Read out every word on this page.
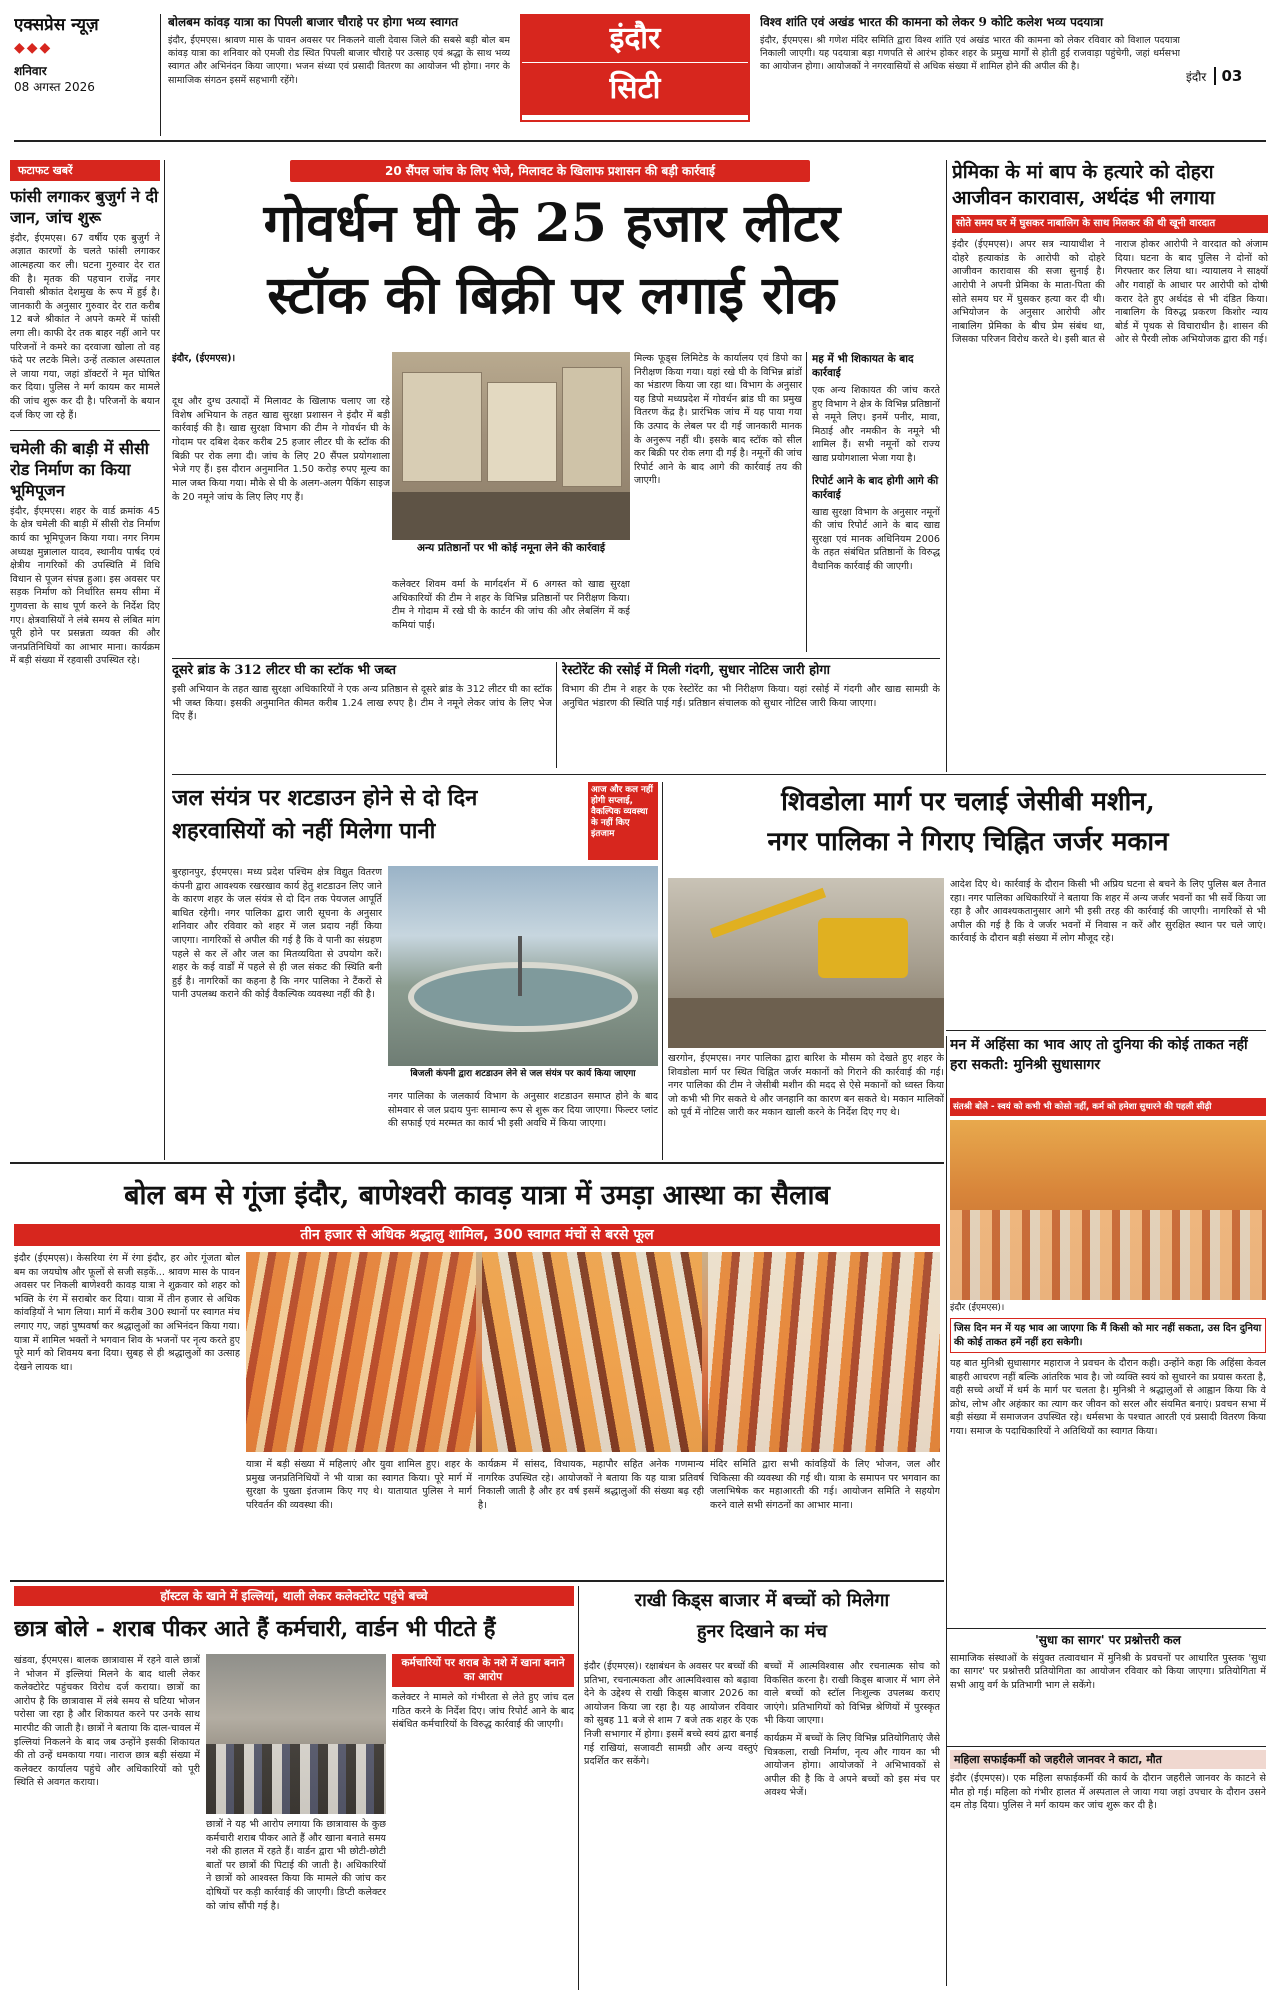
एक्सप्रेस न्यूज़
◆◆◆
शनिवार
08 अगस्त 2026
बोलबम कांवड़ यात्रा का पिपली बाजार चौराहे पर होगा भव्य स्वागत
इंदौर, ईएमएस। श्रावण मास के पावन अवसर पर निकलने वाली देवास जिले की सबसे बड़ी बोल बम कांवड़ यात्रा का शनिवार को एमजी रोड स्थित पिपली बाजार चौराहे पर उत्साह एवं श्रद्धा के साथ भव्य स्वागत और अभिनंदन किया जाएगा। भजन संध्या एवं प्रसादी वितरण का आयोजन भी होगा। नगर के सामाजिक संगठन इसमें सहभागी रहेंगे।
इंदौर
सिटी
विश्व शांति एवं अखंड भारत की कामना को लेकर 9 कोटि कलेश भव्य पदयात्रा
इंदौर, ईएमएस। श्री गणेश मंदिर समिति द्वारा विश्व शांति एवं अखंड भारत की कामना को लेकर रविवार को विशाल पदयात्रा निकाली जाएगी। यह पदयात्रा बड़ा गणपति से आरंभ होकर शहर के प्रमुख मार्गों से होती हुई राजवाड़ा पहुंचेगी, जहां धर्मसभा का आयोजन होगा। आयोजकों ने नगरवासियों से अधिक संख्या में शामिल होने की अपील की है।
इंदौर 03
फटाफट खबरें
फांसी लगाकर बुजुर्ग ने दी जान, जांच शुरू
इंदौर, ईएमएस। 67 वर्षीय एक बुजुर्ग ने अज्ञात कारणों के चलते फांसी लगाकर आत्महत्या कर ली। घटना गुरुवार देर रात की है। मृतक की पहचान राजेंद्र नगर निवासी श्रीकांत देशमुख के रूप में हुई है। जानकारी के अनुसार गुरुवार देर रात करीब 12 बजे श्रीकांत ने अपने कमरे में फांसी लगा ली। काफी देर तक बाहर नहीं आने पर परिजनों ने कमरे का दरवाजा खोला तो वह फंदे पर लटके मिले। उन्हें तत्काल अस्पताल ले जाया गया, जहां डॉक्टरों ने मृत घोषित कर दिया। पुलिस ने मर्ग कायम कर मामले की जांच शुरू कर दी है। परिजनों के बयान दर्ज किए जा रहे हैं।
चमेली की बाड़ी में सीसी रोड निर्माण का किया भूमिपूजन
इंदौर, ईएमएस। शहर के वार्ड क्रमांक 45 के क्षेत्र चमेली की बाड़ी में सीसी रोड निर्माण कार्य का भूमिपूजन किया गया। नगर निगम अध्यक्ष मुन्नालाल यादव, स्थानीय पार्षद एवं क्षेत्रीय नागरिकों की उपस्थिति में विधि विधान से पूजन संपन्न हुआ। इस अवसर पर सड़क निर्माण को निर्धारित समय सीमा में गुणवत्ता के साथ पूर्ण करने के निर्देश दिए गए। क्षेत्रवासियों ने लंबे समय से लंबित मांग पूरी होने पर प्रसन्नता व्यक्त की और जनप्रतिनिधियों का आभार माना। कार्यक्रम में बड़ी संख्या में रहवासी उपस्थित रहे।
20 सैंपल जांच के लिए भेजे, मिलावट के खिलाफ प्रशासन की बड़ी कार्रवाई
गोवर्धन घी के 25 हजार लीटर
स्टॉक की बिक्री पर लगाई रोक
इंदौर, (ईएमएस)।
दूध और दुग्ध उत्पादों में मिलावट के खिलाफ चलाए जा रहे विशेष अभियान के तहत खाद्य सुरक्षा प्रशासन ने इंदौर में बड़ी कार्रवाई की है। खाद्य सुरक्षा विभाग की टीम ने गोवर्धन घी के गोदाम पर दबिश देकर करीब 25 हजार लीटर घी के स्टॉक की बिक्री पर रोक लगा दी। जांच के लिए 20 सैंपल प्रयोगशाला भेजे गए हैं। इस दौरान अनुमानित 1.50 करोड़ रुपए मूल्य का माल जब्त किया गया। मौके से घी के अलग-अलग पैकिंग साइज के 20 नमूने जांच के लिए लिए गए हैं।
अन्य प्रतिष्ठानों पर भी कोई नमूना लेने की कार्रवाई
कलेक्टर शिवम वर्मा के मार्गदर्शन में 6 अगस्त को खाद्य सुरक्षा अधिकारियों की टीम ने शहर के विभिन्न प्रतिष्ठानों पर निरीक्षण किया। टीम ने गोदाम में रखे घी के कार्टन की जांच की और लेबलिंग में कई कमियां पाईं।
मिल्क फूड्स लिमिटेड के कार्यालय एवं डिपो का निरीक्षण किया गया। यहां रखे घी के विभिन्न ब्रांडों का भंडारण किया जा रहा था। विभाग के अनुसार यह डिपो मध्यप्रदेश में गोवर्धन ब्रांड घी का प्रमुख वितरण केंद्र है। प्रारंभिक जांच में यह पाया गया कि उत्पाद के लेबल पर दी गई जानकारी मानक के अनुरूप नहीं थी। इसके बाद स्टॉक को सील कर बिक्री पर रोक लगा दी गई है। नमूनों की जांच रिपोर्ट आने के बाद आगे की कार्रवाई तय की जाएगी।
मह में भी शिकायत के बाद कार्रवाई
एक अन्य शिकायत की जांच करते हुए विभाग ने क्षेत्र के विभिन्न प्रतिष्ठानों से नमूने लिए। इनमें पनीर, मावा, मिठाई और नमकीन के नमूने भी शामिल हैं। सभी नमूनों को राज्य खाद्य प्रयोगशाला भेजा गया है।
रिपोर्ट आने के बाद होगी आगे की कार्रवाई
खाद्य सुरक्षा विभाग के अनुसार नमूनों की जांच रिपोर्ट आने के बाद खाद्य सुरक्षा एवं मानक अधिनियम 2006 के तहत संबंधित प्रतिष्ठानों के विरुद्ध वैधानिक कार्रवाई की जाएगी।
दूसरे ब्रांड के 312 लीटर घी का स्टॉक भी जब्त
इसी अभियान के तहत खाद्य सुरक्षा अधिकारियों ने एक अन्य प्रतिष्ठान से दूसरे ब्रांड के 312 लीटर घी का स्टॉक भी जब्त किया। इसकी अनुमानित कीमत करीब 1.24 लाख रुपए है। टीम ने नमूने लेकर जांच के लिए भेज दिए हैं।
रेस्टोरेंट की रसोई में मिली गंदगी, सुधार नोटिस जारी होगा
विभाग की टीम ने शहर के एक रेस्टोरेंट का भी निरीक्षण किया। यहां रसोई में गंदगी और खाद्य सामग्री के अनुचित भंडारण की स्थिति पाई गई। प्रतिष्ठान संचालक को सुधार नोटिस जारी किया जाएगा।
प्रेमिका के मां बाप के हत्यारे को दोहरा आजीवन कारावास, अर्थदंड भी लगाया
सोते समय घर में घुसकर नाबालिग के साथ मिलकर की थी खूनी वारदात
इंदौर (ईएमएस)। अपर सत्र न्यायाधीश ने दोहरे हत्याकांड के आरोपी को दोहरे आजीवन कारावास की सजा सुनाई है। आरोपी ने अपनी प्रेमिका के माता-पिता की सोते समय घर में घुसकर हत्या कर दी थी। अभियोजन के अनुसार आरोपी और नाबालिग प्रेमिका के बीच प्रेम संबंध था, जिसका परिजन विरोध करते थे। इसी बात से नाराज होकर आरोपी ने वारदात को अंजाम दिया। घटना के बाद पुलिस ने दोनों को गिरफ्तार कर लिया था। न्यायालय ने साक्ष्यों और गवाहों के आधार पर आरोपी को दोषी करार देते हुए अर्थदंड से भी दंडित किया। नाबालिग के विरुद्ध प्रकरण किशोर न्याय बोर्ड में पृथक से विचाराधीन है। शासन की ओर से पैरवी लोक अभियोजक द्वारा की गई।
जल संयंत्र पर शटडाउन होने से दो दिन
शहरवासियों को नहीं मिलेगा पानी
आज और कल नहीं होगी सप्लाई, वैकल्पिक व्यवस्था के नहीं किए इंतजाम
बुरहानपुर, ईएमएस। मध्य प्रदेश पश्चिम क्षेत्र विद्युत वितरण कंपनी द्वारा आवश्यक रखरखाव कार्य हेतु शटडाउन लिए जाने के कारण शहर के जल संयंत्र से दो दिन तक पेयजल आपूर्ति बाधित रहेगी। नगर पालिका द्वारा जारी सूचना के अनुसार शनिवार और रविवार को शहर में जल प्रदाय नहीं किया जाएगा। नागरिकों से अपील की गई है कि वे पानी का संग्रहण पहले से कर लें और जल का मितव्ययिता से उपयोग करें। शहर के कई वार्डों में पहले से ही जल संकट की स्थिति बनी हुई है। नागरिकों का कहना है कि नगर पालिका ने टैंकरों से पानी उपलब्ध कराने की कोई वैकल्पिक व्यवस्था नहीं की है।
बिजली कंपनी द्वारा शटडाउन लेने से जल संयंत्र पर कार्य किया जाएगा
नगर पालिका के जलकार्य विभाग के अनुसार शटडाउन समाप्त होने के बाद सोमवार से जल प्रदाय पुनः सामान्य रूप से शुरू कर दिया जाएगा। फिल्टर प्लांट की सफाई एवं मरम्मत का कार्य भी इसी अवधि में किया जाएगा।
शिवडोला मार्ग पर चलाई जेसीबी मशीन,
नगर पालिका ने गिराए चिह्नित जर्जर मकान
खरगोन, ईएमएस। नगर पालिका द्वारा बारिश के मौसम को देखते हुए शहर के शिवडोला मार्ग पर स्थित चिह्नित जर्जर मकानों को गिराने की कार्रवाई की गई। नगर पालिका की टीम ने जेसीबी मशीन की मदद से ऐसे मकानों को ध्वस्त किया जो कभी भी गिर सकते थे और जनहानि का कारण बन सकते थे। मकान मालिकों को पूर्व में नोटिस जारी कर मकान खाली करने के निर्देश दिए गए थे।
आदेश दिए थे। कार्रवाई के दौरान किसी भी अप्रिय घटना से बचने के लिए पुलिस बल तैनात रहा। नगर पालिका अधिकारियों ने बताया कि शहर में अन्य जर्जर भवनों का भी सर्वे किया जा रहा है और आवश्यकतानुसार आगे भी इसी तरह की कार्रवाई की जाएगी। नागरिकों से भी अपील की गई है कि वे जर्जर भवनों में निवास न करें और सुरक्षित स्थान पर चले जाएं। कार्रवाई के दौरान बड़ी संख्या में लोग मौजूद रहे।
मन में अहिंसा का भाव आए तो दुनिया की कोई ताकत नहीं हरा सकती: मुनिश्री सुधासागर
संतश्री बोले - स्वयं को कभी भी कोसो नहीं, कर्म को हमेशा सुधारने की पहली सीढ़ी
इंदौर (ईएमएस)।
जिस दिन मन में यह भाव आ जाएगा कि मैं किसी को मार नहीं सकता, उस दिन दुनिया की कोई ताकत हमें नहीं हरा सकेगी।
यह बात मुनिश्री सुधासागर महाराज ने प्रवचन के दौरान कही। उन्होंने कहा कि अहिंसा केवल बाहरी आचरण नहीं बल्कि आंतरिक भाव है। जो व्यक्ति स्वयं को सुधारने का प्रयास करता है, वही सच्चे अर्थों में धर्म के मार्ग पर चलता है। मुनिश्री ने श्रद्धालुओं से आह्वान किया कि वे क्रोध, लोभ और अहंकार का त्याग कर जीवन को सरल और संयमित बनाएं। प्रवचन सभा में बड़ी संख्या में समाजजन उपस्थित रहे। धर्मसभा के पश्चात आरती एवं प्रसादी वितरण किया गया। समाज के पदाधिकारियों ने अतिथियों का स्वागत किया।
'सुधा का सागर' पर प्रश्नोत्तरी कल
सामाजिक संस्थाओं के संयुक्त तत्वावधान में मुनिश्री के प्रवचनों पर आधारित पुस्तक 'सुधा का सागर' पर प्रश्नोत्तरी प्रतियोगिता का आयोजन रविवार को किया जाएगा। प्रतियोगिता में सभी आयु वर्ग के प्रतिभागी भाग ले सकेंगे।
महिला सफाईकर्मी को जहरीले जानवर ने काटा, मौत
इंदौर (ईएमएस)। एक महिला सफाईकर्मी की कार्य के दौरान जहरीले जानवर के काटने से मौत हो गई। महिला को गंभीर हालत में अस्पताल ले जाया गया जहां उपचार के दौरान उसने दम तोड़ दिया। पुलिस ने मर्ग कायम कर जांच शुरू कर दी है।
बोल बम से गूंजा इंदौर, बाणेश्वरी कावड़ यात्रा में उमड़ा आस्था का सैलाब
तीन हजार से अधिक श्रद्धालु शामिल, 300 स्वागत मंचों से बरसे फूल
इंदौर (ईएमएस)। केसरिया रंग में रंगा इंदौर, हर ओर गूंजता बोल बम का जयघोष और फूलों से सजी सड़कें... श्रावण मास के पावन अवसर पर निकली बाणेश्वरी कावड़ यात्रा ने शुक्रवार को शहर को भक्ति के रंग में सराबोर कर दिया। यात्रा में तीन हजार से अधिक कांवड़ियों ने भाग लिया। मार्ग में करीब 300 स्थानों पर स्वागत मंच लगाए गए, जहां पुष्पवर्षा कर श्रद्धालुओं का अभिनंदन किया गया। यात्रा में शामिल भक्तों ने भगवान शिव के भजनों पर नृत्य करते हुए पूरे मार्ग को शिवमय बना दिया। सुबह से ही श्रद्धालुओं का उत्साह देखने लायक था।
यात्रा में बड़ी संख्या में महिलाएं और युवा शामिल हुए। शहर के प्रमुख जनप्रतिनिधियों ने भी यात्रा का स्वागत किया। पूरे मार्ग में सुरक्षा के पुख्ता इंतजाम किए गए थे। यातायात पुलिस ने मार्ग परिवर्तन की व्यवस्था की।
कार्यक्रम में सांसद, विधायक, महापौर सहित अनेक गणमान्य नागरिक उपस्थित रहे। आयोजकों ने बताया कि यह यात्रा प्रतिवर्ष निकाली जाती है और हर वर्ष इसमें श्रद्धालुओं की संख्या बढ़ रही है।
मंदिर समिति द्वारा सभी कांवड़ियों के लिए भोजन, जल और चिकित्सा की व्यवस्था की गई थी। यात्रा के समापन पर भगवान का जलाभिषेक कर महाआरती की गई। आयोजन समिति ने सहयोग करने वाले सभी संगठनों का आभार माना।
हॉस्टल के खाने में इल्लियां, थाली लेकर कलेक्टोरेट पहुंचे बच्चे
छात्र बोले - शराब पीकर आते हैं कर्मचारी, वार्डन भी पीटते हैं
खंडवा, ईएमएस। बालक छात्रावास में रहने वाले छात्रों ने भोजन में इल्लियां मिलने के बाद थाली लेकर कलेक्टोरेट पहुंचकर विरोध दर्ज कराया। छात्रों का आरोप है कि छात्रावास में लंबे समय से घटिया भोजन परोसा जा रहा है और शिकायत करने पर उनके साथ मारपीट की जाती है। छात्रों ने बताया कि दाल-चावल में इल्लियां निकलने के बाद जब उन्होंने इसकी शिकायत की तो उन्हें धमकाया गया। नाराज छात्र बड़ी संख्या में कलेक्टर कार्यालय पहुंचे और अधिकारियों को पूरी स्थिति से अवगत कराया।
छात्रों ने यह भी आरोप लगाया कि छात्रावास के कुछ कर्मचारी शराब पीकर आते हैं और खाना बनाते समय नशे की हालत में रहते हैं। वार्डन द्वारा भी छोटी-छोटी बातों पर छात्रों की पिटाई की जाती है। अधिकारियों ने छात्रों को आश्वस्त किया कि मामले की जांच कर दोषियों पर कड़ी कार्रवाई की जाएगी। डिप्टी कलेक्टर को जांच सौंपी गई है।
कर्मचारियों पर शराब के नशे में खाना बनाने का आरोप
कलेक्टर ने मामले को गंभीरता से लेते हुए जांच दल गठित करने के निर्देश दिए। जांच रिपोर्ट आने के बाद संबंधित कर्मचारियों के विरुद्ध कार्रवाई की जाएगी।
राखी किड्स बाजार में बच्चों को मिलेगा
हुनर दिखाने का मंच
इंदौर (ईएमएस)। रक्षाबंधन के अवसर पर बच्चों की प्रतिभा, रचनात्मकता और आत्मविश्वास को बढ़ावा देने के उद्देश्य से राखी किड्स बाजार 2026 का आयोजन किया जा रहा है। यह आयोजन रविवार को सुबह 11 बजे से शाम 7 बजे तक शहर के एक निजी सभागार में होगा। इसमें बच्चे स्वयं द्वारा बनाई गई राखियां, सजावटी सामग्री और अन्य वस्तुएं प्रदर्शित कर सकेंगे।
बच्चों में आत्मविश्वास और रचनात्मक सोच को विकसित करना है। राखी किड्स बाजार में भाग लेने वाले बच्चों को स्टॉल निःशुल्क उपलब्ध कराए जाएंगे। प्रतिभागियों को विभिन्न श्रेणियों में पुरस्कृत भी किया जाएगा।
कार्यक्रम में बच्चों के लिए विभिन्न प्रतियोगिताएं जैसे चित्रकला, राखी निर्माण, नृत्य और गायन का भी आयोजन होगा। आयोजकों ने अभिभावकों से अपील की है कि वे अपने बच्चों को इस मंच पर अवश्य भेजें।
